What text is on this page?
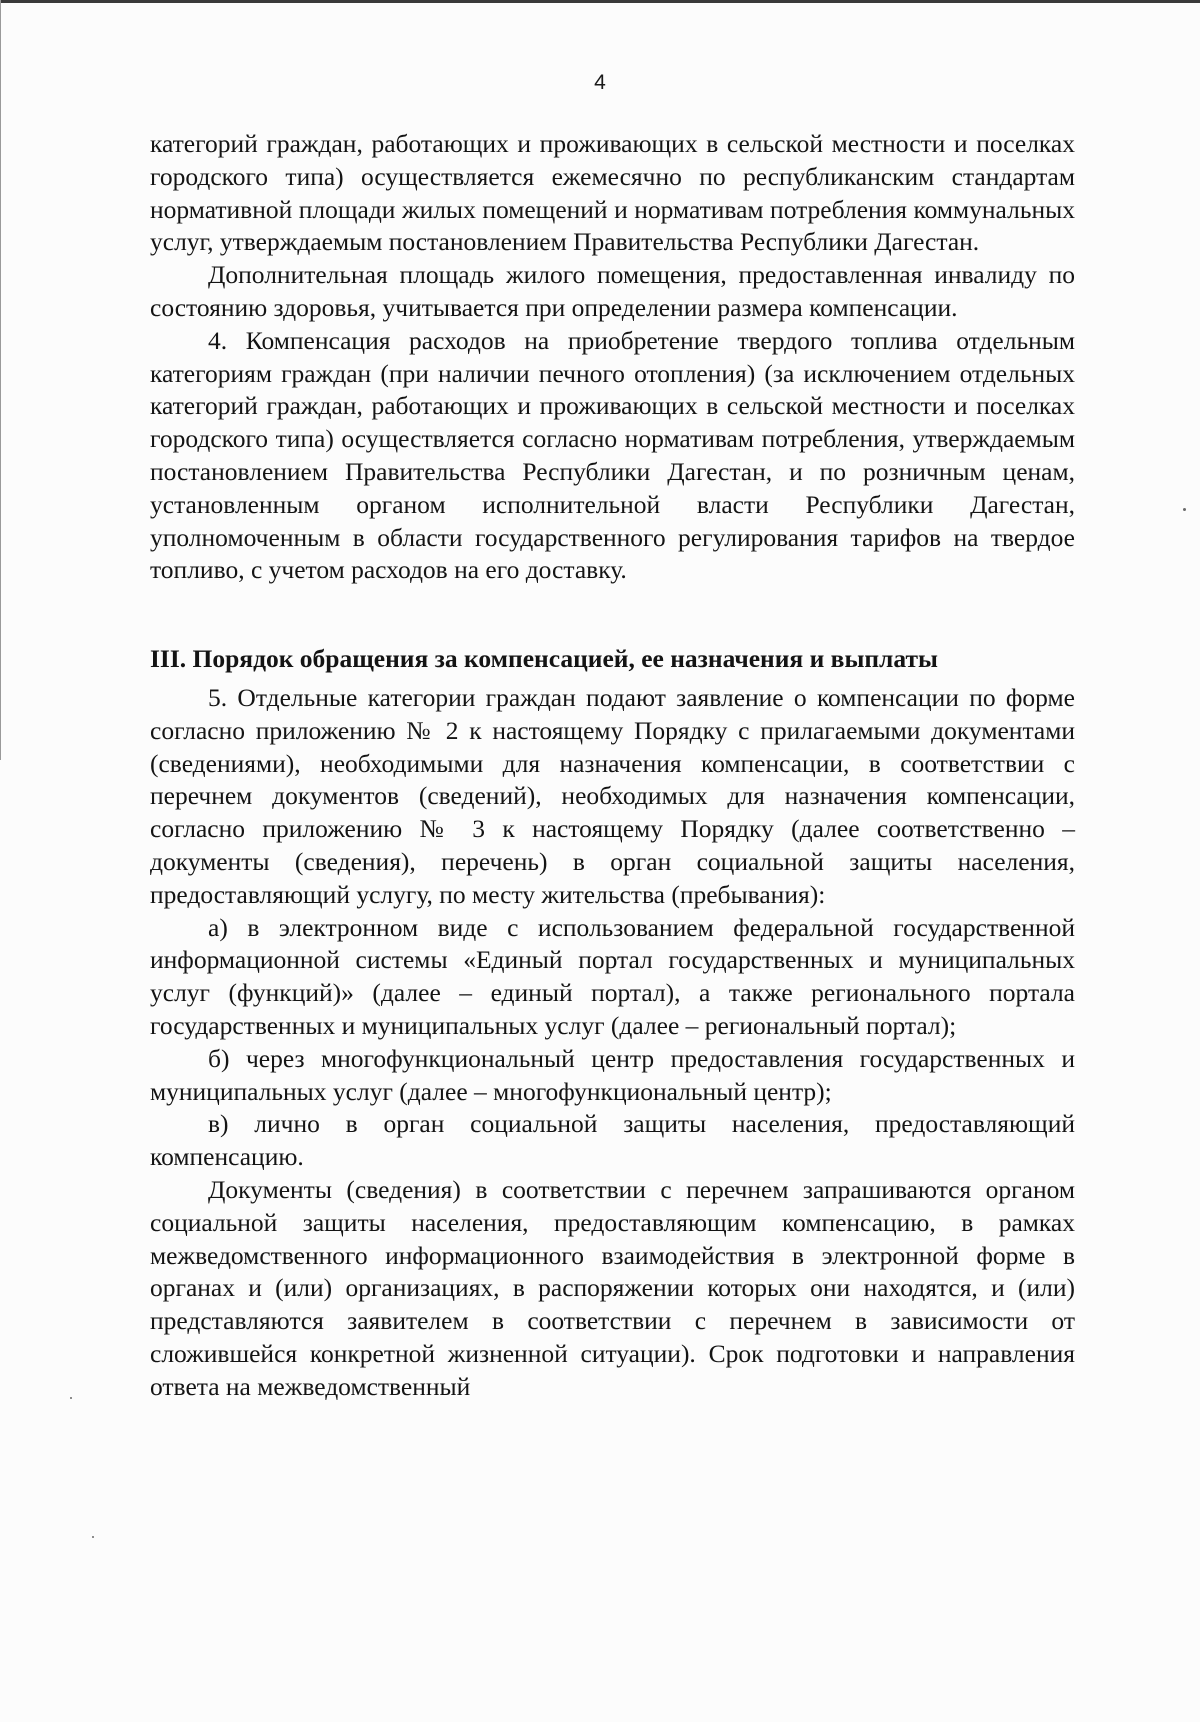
4

категорий граждан, работающих и проживающих в сельской местности и поселках городского типа) осуществляется ежемесячно по республиканским стандартам нормативной площади жилых помещений и нормативам потребления коммунальных услуг, утверждаемым постановлением Правительства Республики Дагестан.

Дополнительная площадь жилого помещения, предоставленная инвалиду по состоянию здоровья, учитывается при определении размера компенсации.

4. Компенсация расходов на приобретение твердого топлива отдельным категориям граждан (при наличии печного отопления) (за исключением отдельных категорий граждан, работающих и проживающих в сельской местности и поселках городского типа) осуществляется согласно нормативам потребления, утверждаемым постановлением Правительства Республики Дагестан, и по розничным ценам, установленным органом исполнительной власти Республики Дагестан, уполномоченным в области государственного регулирования тарифов на твердое топливо, с учетом расходов на его доставку.

III. Порядок обращения за компенсацией, ее назначения и выплаты

5. Отдельные категории граждан подают заявление о компенсации по форме согласно приложению № 2 к настоящему Порядку с прилагаемыми документами (сведениями), необходимыми для назначения компенсации, в соответствии с перечнем документов (сведений), необходимых для назначения компенсации, согласно приложению № 3 к настоящему Порядку (далее соответственно – документы (сведения), перечень) в орган социальной защиты населения, предоставляющий услугу, по месту жительства (пребывания):

а) в электронном виде с использованием федеральной государственной информационной системы «Единый портал государственных и муниципальных услуг (функций)» (далее – единый портал), а также регионального портала государственных и муниципальных услуг (далее – региональный портал);

б) через многофункциональный центр предоставления государственных и муниципальных услуг (далее – многофункциональный центр);

в) лично в орган социальной защиты населения, предоставляющий компенсацию.

Документы (сведения) в соответствии с перечнем запрашиваются органом социальной защиты населения, предоставляющим компенсацию, в рамках межведомственного информационного взаимодействия в электронной форме в органах и (или) организациях, в распоряжении которых они находятся, и (или) представляются заявителем в соответствии с перечнем в зависимости от сложившейся конкретной жизненной ситуации). Срок подготовки и направления ответа на межведомственный
